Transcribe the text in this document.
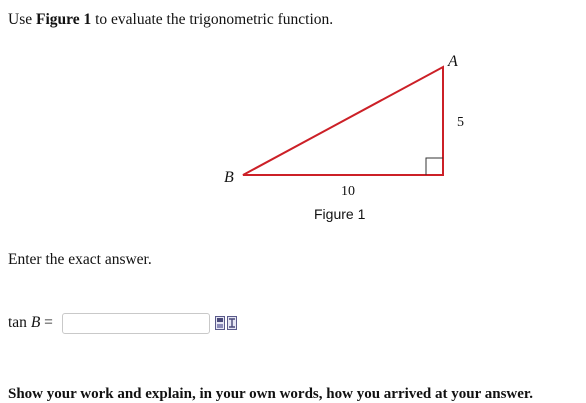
Use Figure 1 to evaluate the trigonometric function.
A
B
5
10
Figure 1
Enter the exact answer.
tan B =
Show your work and explain, in your own words, how you arrived at your answer.
